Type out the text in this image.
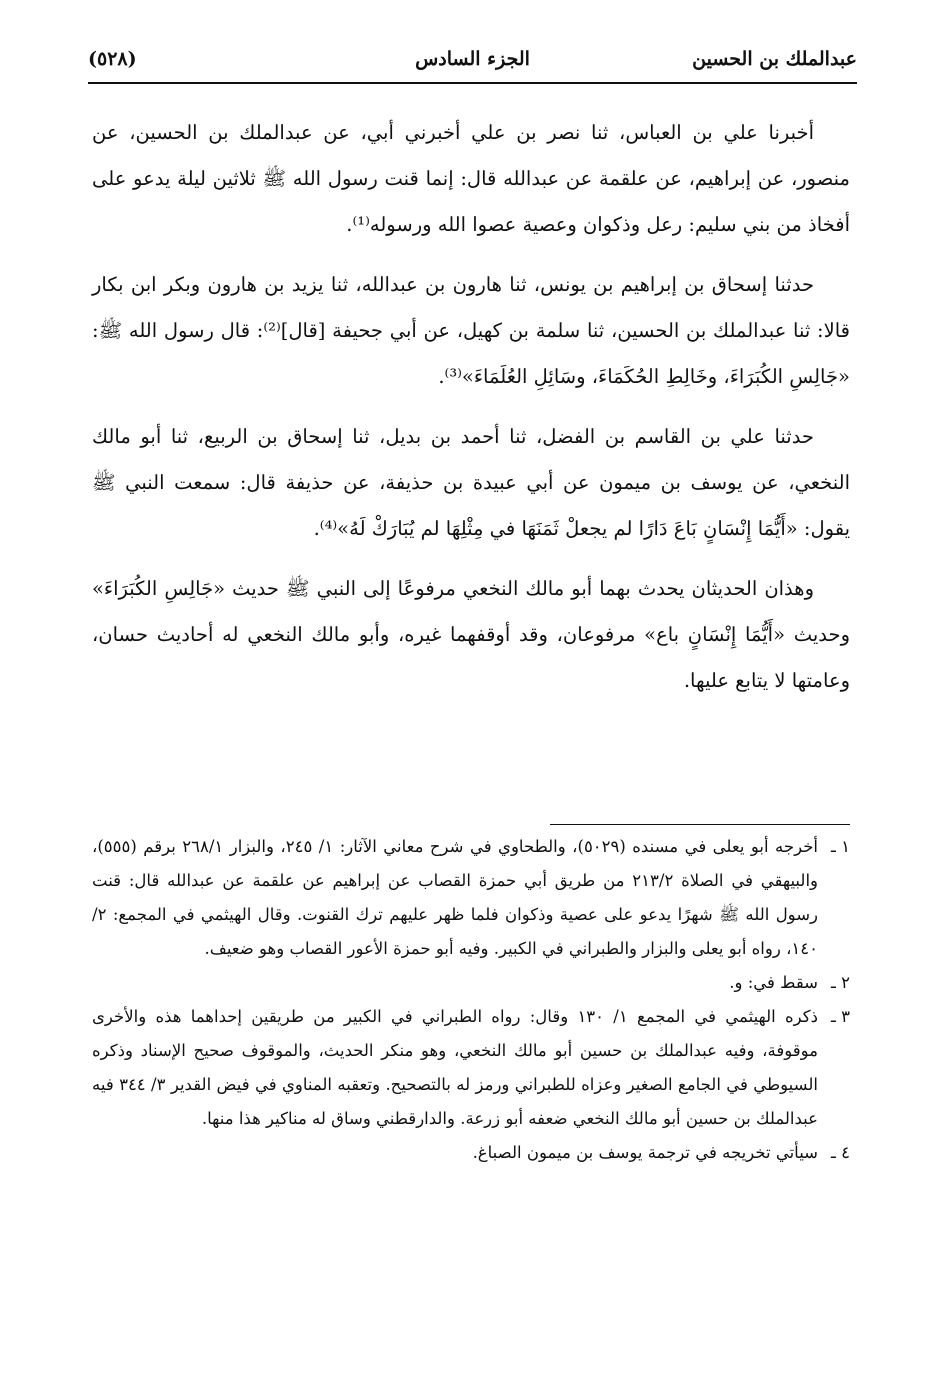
عبدالملك بن الحسين
الجزء السادس
(٥٢٨)

أخبرنا علي بن العباس، ثنا نصر بن علي أخبرني أبي، عن عبدالملك بن الحسين، عن منصور، عن إبراهيم، عن علقمة عن عبدالله قال: إنما قنت رسول الله ﷺ ثلاثين ليلة يدعو على أفخاذ من بني سليم: رعل وذكوان وعصية عصوا الله ورسوله⁽¹⁾.

حدثنا إسحاق بن إبراهيم بن يونس، ثنا هارون بن عبدالله، ثنا يزيد بن هارون وبكر ابن بكار قالا: ثنا عبدالملك بن الحسين، ثنا سلمة بن كهيل، عن أبي جحيفة [قال]⁽²⁾: قال رسول الله ﷺ: «جَالِسِ الكُبَرَاءَ، وخَالِطِ الحُكَمَاءَ، وسَائِلِ العُلَمَاءَ»⁽³⁾.

حدثنا علي بن القاسم بن الفضل، ثنا أحمد بن بديل، ثنا إسحاق بن الربيع، ثنا أبو مالك النخعي، عن يوسف بن ميمون عن أبي عبيدة بن حذيفة، عن حذيفة قال: سمعت النبي ﷺ يقول: «أَيُّمَا إِنْسَانٍ بَاعَ دَارًا لم يجعلْ ثَمَنَهَا في مِثْلِهَا لم يُبَارَكْ لَهُ»⁽⁴⁾.

وهذان الحديثان يحدث بهما أبو مالك النخعي مرفوعًا إلى النبي ﷺ حديث «جَالِسِ الكُبَرَاءَ» وحديث «أَيُّمَا إِنْسَانٍ باع» مرفوعان، وقد أوقفهما غيره، وأبو مالك النخعي له أحاديث حسان، وعامتها لا يتابع عليها.

١ ـ
أخرجه أبو يعلى في مسنده (٥٠٢٩)، والطحاوي في شرح معاني الآثار: ١/ ٢٤٥، والبزار ٢٦٨/١ برقم (٥٥٥)، والبيهقي في الصلاة ٢١٣/٢ من طريق أبي حمزة القصاب عن إبراهيم عن علقمة عن عبدالله قال: قنت رسول الله ﷺ شهرًا يدعو على عصية وذكوان فلما ظهر عليهم ترك القنوت. وقال الهيثمي في المجمع: ٢/ ١٤٠، رواه أبو يعلى والبزار والطبراني في الكبير. وفيه أبو حمزة الأعور القصاب وهو ضعيف.
٢ ـ
سقط في: و.
٣ ـ
ذكره الهيثمي في المجمع ١/ ١٣٠ وقال: رواه الطبراني في الكبير من طريقين إحداهما هذه والأخرى موقوفة، وفيه عبدالملك بن حسين أبو مالك النخعي، وهو منكر الحديث، والموقوف صحيح الإسناد وذكره السيوطي في الجامع الصغير وعزاه للطبراني ورمز له بالتصحيح. وتعقبه المناوي في فيض القدير ٣/ ٣٤٤ فيه عبدالملك بن حسين أبو مالك النخعي ضعفه أبو زرعة. والدارقطني وساق له مناكير هذا منها.
٤ ـ
سيأتي تخريجه في ترجمة يوسف بن ميمون الصباغ.
